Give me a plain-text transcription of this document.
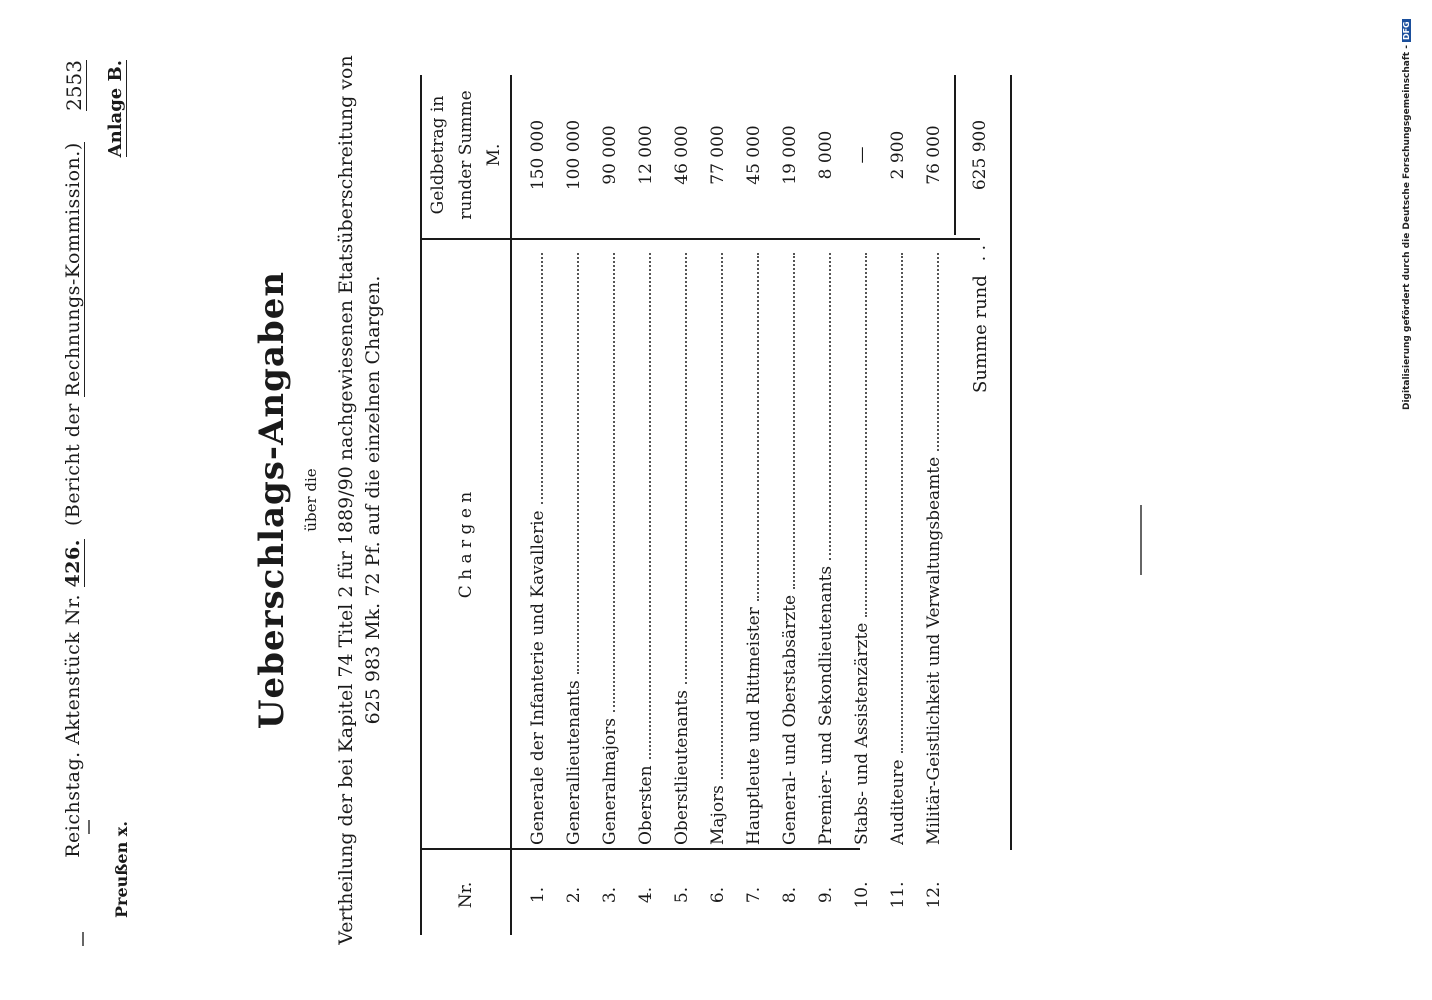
Reichstag. Aktenstück Nr. 426.  (Bericht der Rechnungs-Kommission.)
2553
Preußen x.
Anlage B.
Ueberschlags-Angaben über die Vertheilung der bei Kapitel 74 Titel 2 für 1889/90 nachgewiesenen Etatsüberschreitung von 625 983 Mk. 72 Pf. auf die einzelnen Chargen.
Nr.
C h a r g e n
Geldbetrag in runder Summe M.
1.
Generale der Infanterie und Kavallerie
150 000
2.
Generallieutenants
100 000
3.
Generalmajors
90 000
4.
Obersten
12 000
5.
Oberstlieutenants
46 000
6.
Majors
77 000
7.
Hauptleute und Rittmeister
45 000
8.
General- und Oberstabsärzte
19 000
9.
Premier- und Sekondlieutenants
8 000
10.
Stabs- und Assistenzärzte
—
11.
Auditeure
2 900
12.
Militär-Geistlichkeit und Verwaltungsbeamte
76 000
Summe rund
. .
625 900	Digitalisierung gefördert durch die Deutsche Forschungsgemeinschaft -DFG
